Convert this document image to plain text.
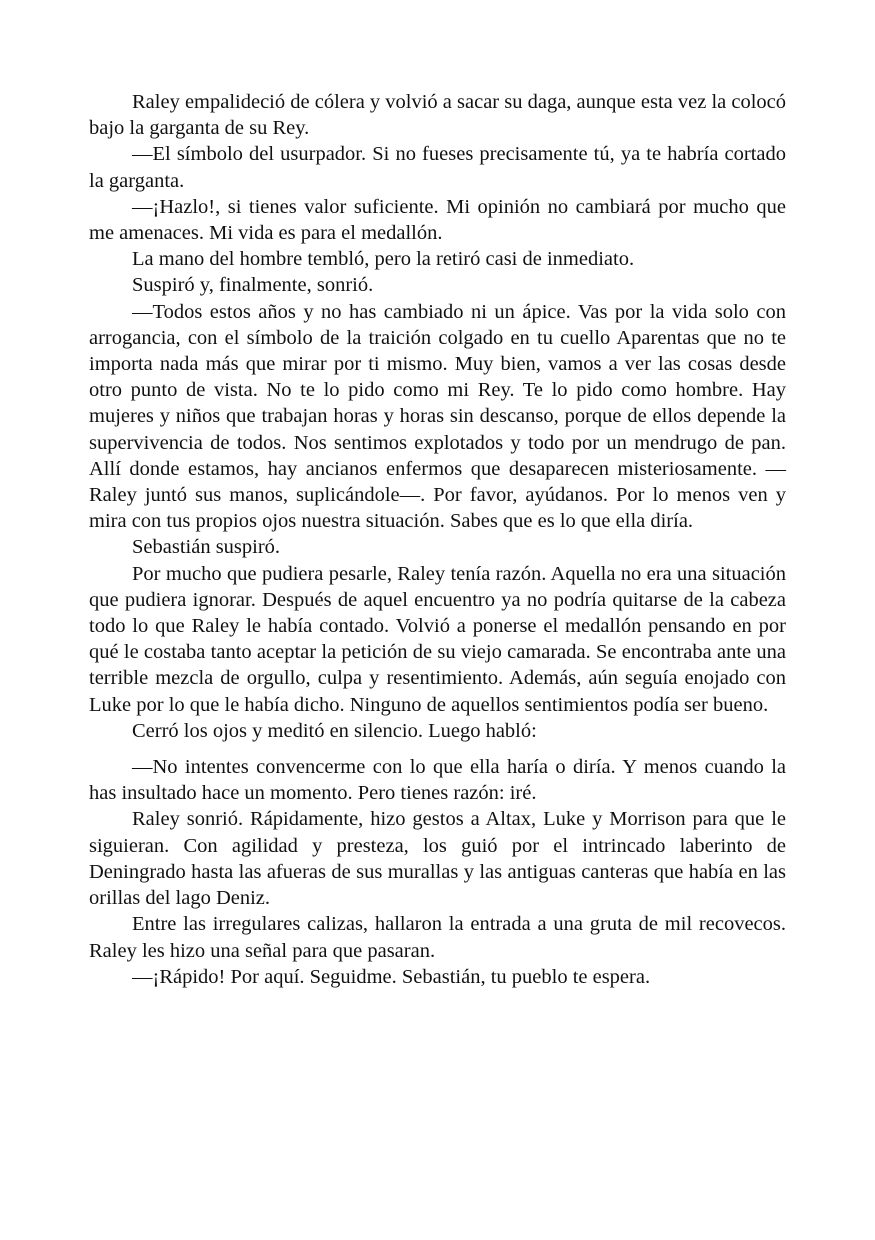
Raley empalideció de cólera y volvió a sacar su daga, aunque esta vez la colocó bajo la garganta de su Rey.

—El símbolo del usurpador. Si no fueses precisamente tú, ya te habría cortado la garganta.

—¡Hazlo!, si tienes valor suficiente. Mi opinión no cambiará por mucho que me amenaces. Mi vida es para el medallón.

La mano del hombre tembló, pero la retiró casi de inmediato.

Suspiró y, finalmente, sonrió.

—Todos estos años y no has cambiado ni un ápice. Vas por la vida solo con arrogancia, con el símbolo de la traición colgado en tu cuello Aparentas que no te importa nada más que mirar por ti mismo. Muy bien, vamos a ver las cosas desde otro punto de vista. No te lo pido como mi Rey. Te lo pido como hombre. Hay mujeres y niños que trabajan horas y horas sin descanso, porque de ellos depende la supervivencia de todos. Nos sentimos explotados y todo por un mendrugo de pan. Allí donde estamos, hay ancianos enfermos que desaparecen misteriosamente. —Raley juntó sus manos, suplicándole—. Por favor, ayúdanos. Por lo menos ven y mira con tus propios ojos nuestra situación. Sabes que es lo que ella diría.

Sebastián suspiró.

Por mucho que pudiera pesarle, Raley tenía razón. Aquella no era una situación que pudiera ignorar. Después de aquel encuentro ya no podría quitarse de la cabeza todo lo que Raley le había contado. Volvió a ponerse el medallón pensando en por qué le costaba tanto aceptar la petición de su viejo camarada. Se encontraba ante una terrible mezcla de orgullo, culpa y resentimiento. Además, aún seguía enojado con Luke por lo que le había dicho. Ninguno de aquellos sentimientos podía ser bueno.

Cerró los ojos y meditó en silencio. Luego habló:

—No intentes convencerme con lo que ella haría o diría. Y menos cuando la has insultado hace un momento. Pero tienes razón: iré.

Raley sonrió. Rápidamente, hizo gestos a Altax, Luke y Morrison para que le siguieran. Con agilidad y presteza, los guió por el intrincado laberinto de Deningrado hasta las afueras de sus murallas y las antiguas canteras que había en las orillas del lago Deniz.

Entre las irregulares calizas, hallaron la entrada a una gruta de mil recovecos. Raley les hizo una señal para que pasaran.

—¡Rápido! Por aquí. Seguidme. Sebastián, tu pueblo te espera.
